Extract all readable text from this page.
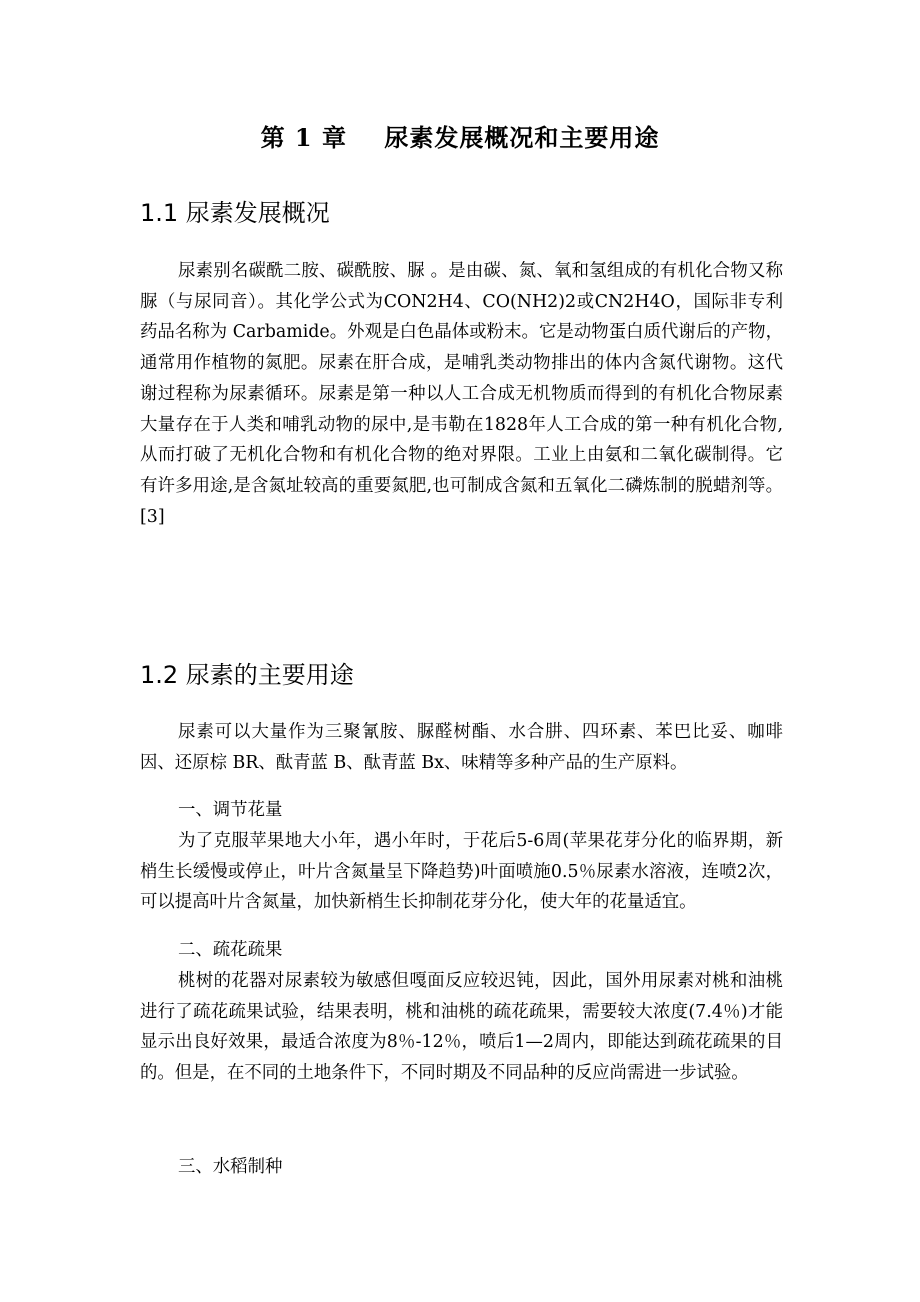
第 1 章    尿素发展概况和主要用途
1.1 尿素发展概况
尿素别名碳酰二胺、碳酰胺、脲 。是由碳、氮、氧和氢组成的有机化合物又称脲（与尿同音）。其化学公式为CON2H4、CO(NH2)2或CN2H4O，国际非专利药品名称为 Carbamide。外观是白色晶体或粉末。它是动物蛋白质代谢后的产物，通常用作植物的氮肥。尿素在肝合成，是哺乳类动物排出的体内含氮代谢物。这代谢过程称为尿素循环。尿素是第一种以人工合成无机物质而得到的有机化合物尿素大量存在于人类和哺乳动物的尿中,是韦勒在1828年人工合成的第一种有机化合物,从而打破了无机化合物和有机化合物的绝对界限。工业上由氨和二氧化碳制得。它有许多用途,是含氮址较高的重要氮肥,也可制成含氮和五氧化二磷炼制的脱蜡剂等。[3]
1.2 尿素的主要用途
尿素可以大量作为三聚氰胺、脲醛树酯、水合肼、四环素、苯巴比妥、咖啡因、还原棕 BR、酞青蓝 B、酞青蓝 Bx、味精等多种产品的生产原料。
一、调节花量
为了克服苹果地大小年，遇小年时，于花后5-6周(苹果花芽分化的临界期，新梢生长缓慢或停止，叶片含氮量呈下降趋势)叶面喷施0.5％尿素水溶液，连喷2次，可以提高叶片含氮量，加快新梢生长抑制花芽分化，使大年的花量适宜。
二、疏花疏果
桃树的花器对尿素较为敏感但嘎面反应较迟钝，因此，国外用尿素对桃和油桃进行了疏花疏果试验，结果表明，桃和油桃的疏花疏果，需要较大浓度(7.4％)才能显示出良好效果，最适合浓度为8％-12％，喷后1—2周内，即能达到疏花疏果的目的。但是，在不同的土地条件下，不同时期及不同品种的反应尚需进一步试验。
三、水稻制种
